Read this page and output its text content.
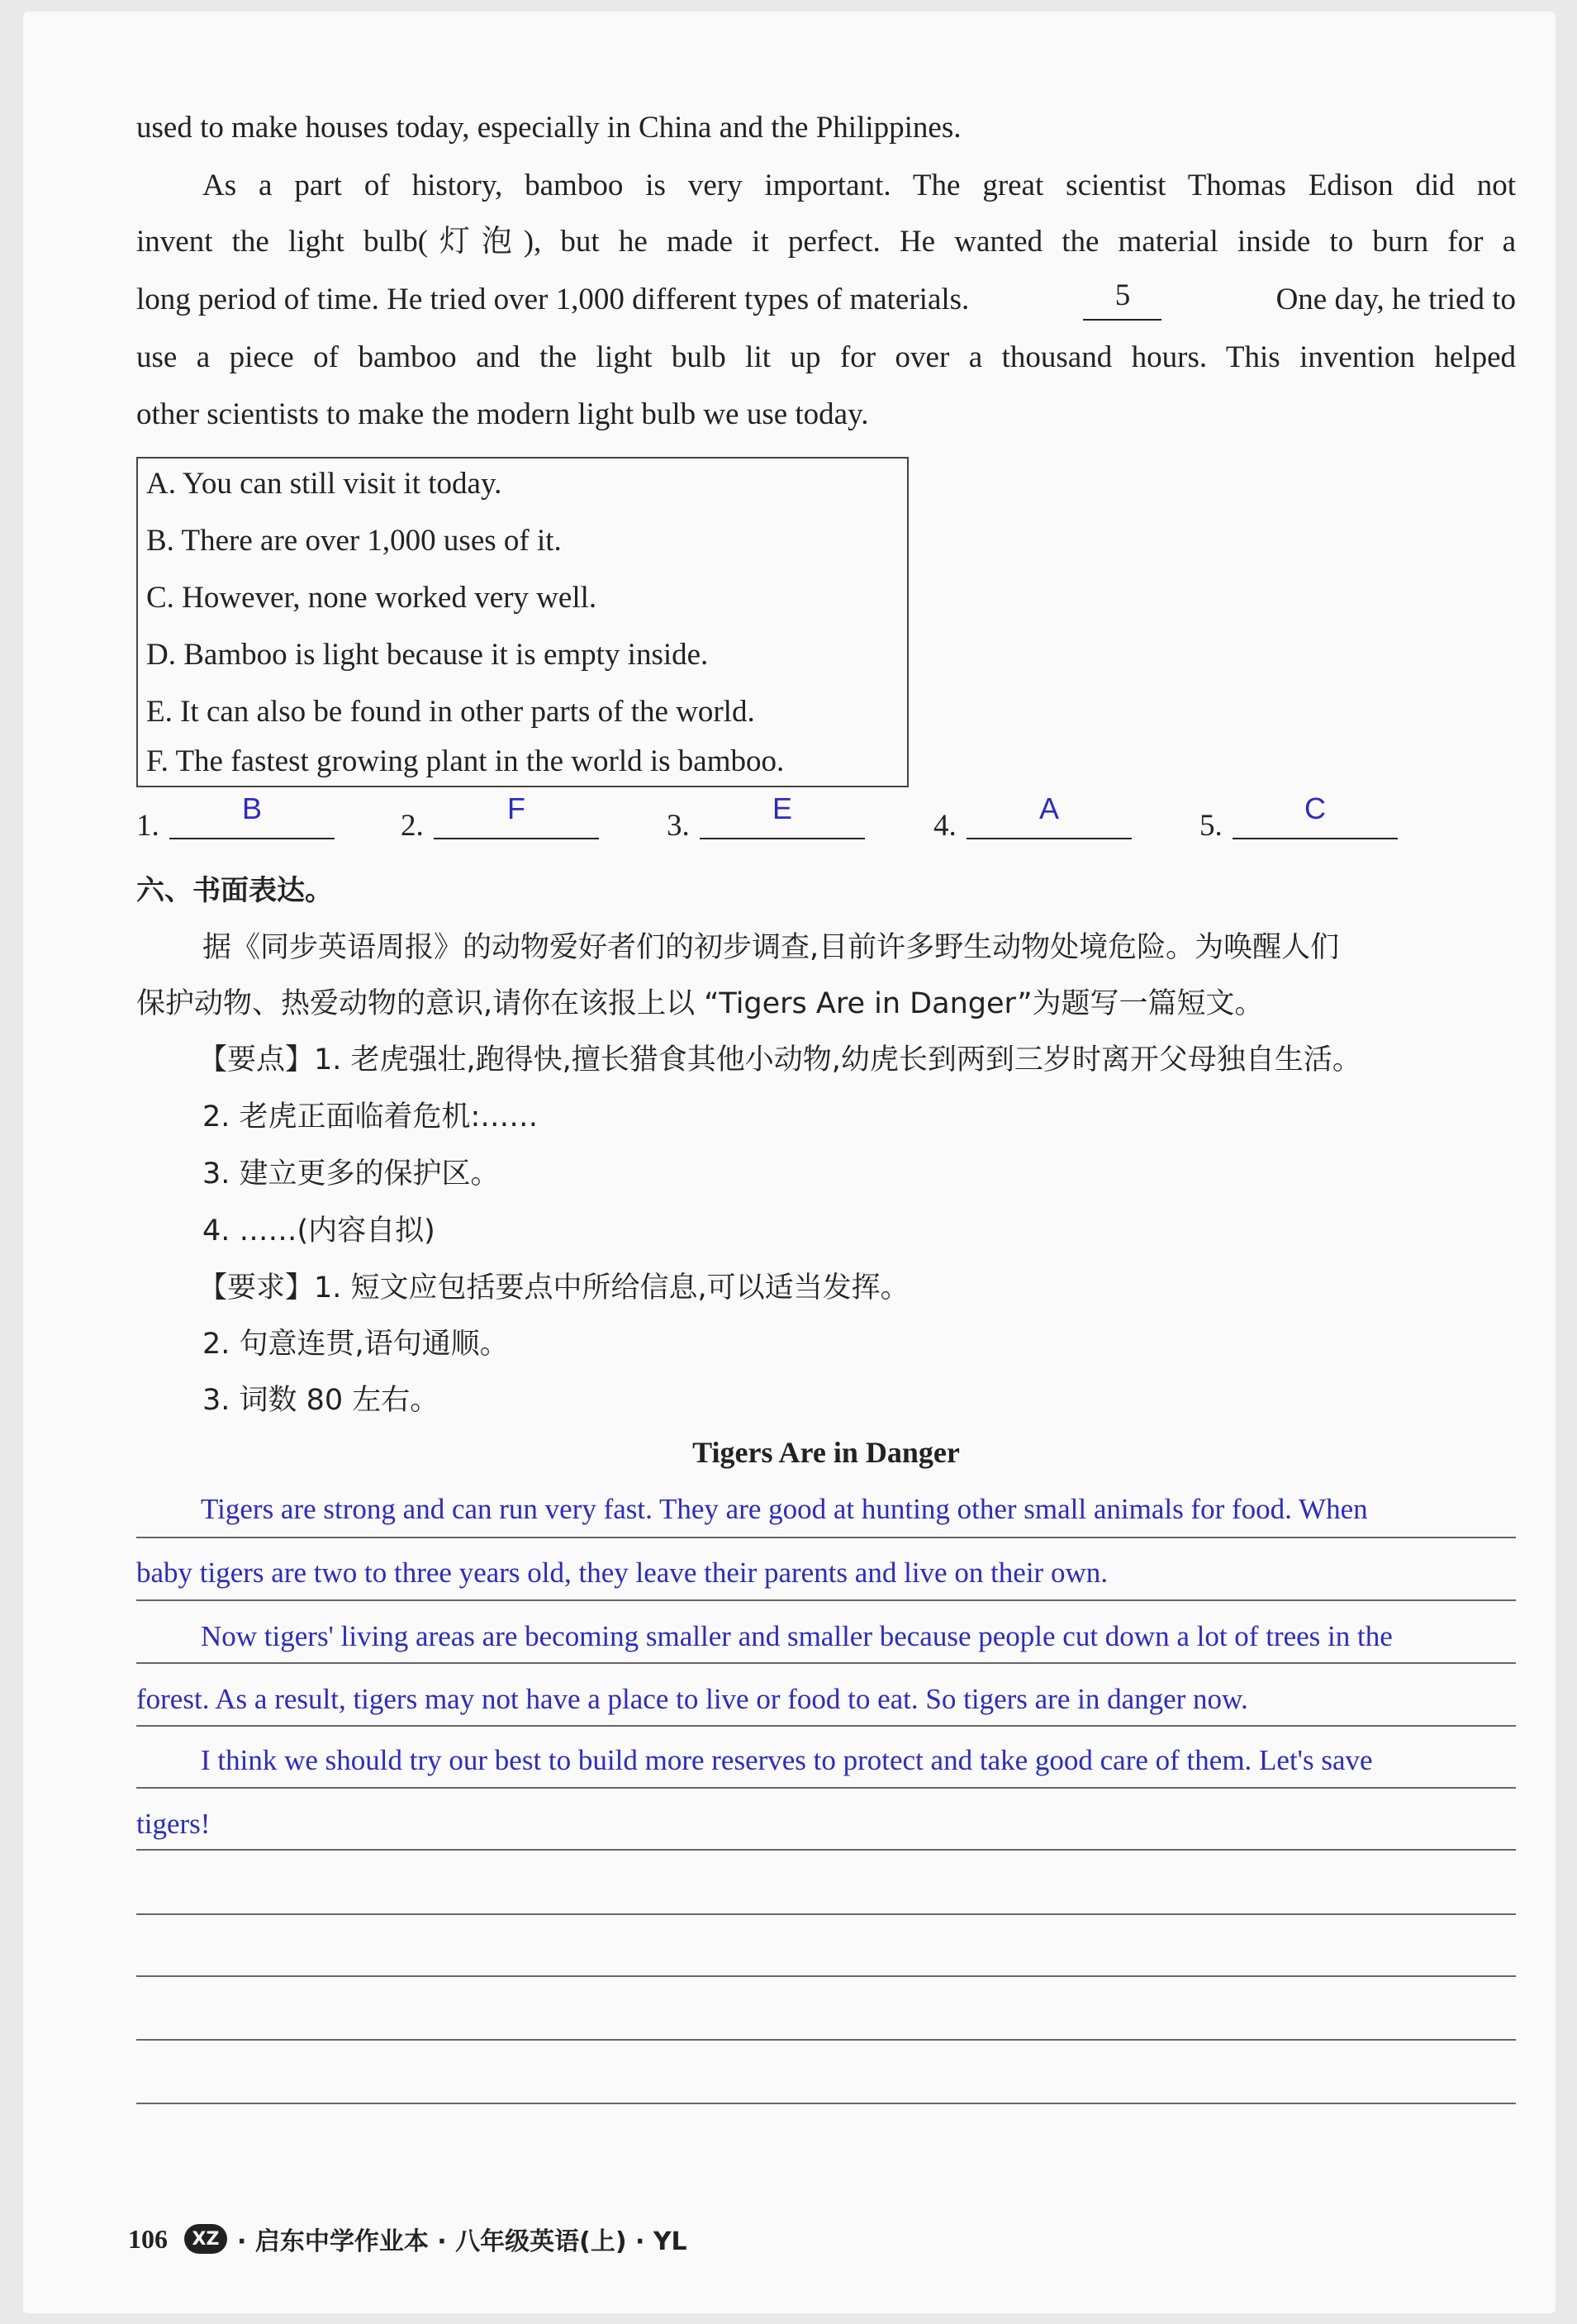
used to make houses today, especially in China and the Philippines.
As a part of history, bamboo is very important. The great scientist Thomas Edison did not
invent the light bulb(灯泡), but he made it perfect. He wanted the material inside to burn for a
long period of time. He tried over 1,000 different types of materials.	5	One day, he tried to
use a piece of bamboo and the light bulb lit up for over a thousand hours. This invention helped
other scientists to make the modern light bulb we use today.
A. You can still visit it today.
B. There are over 1,000 uses of it.
C. However, none worked very well.
D. Bamboo is light because it is empty inside.
E. It can also be found in other parts of the world.
F. The fastest growing plant in the world is bamboo.
1.
B
2.
F
3.
E
4.
A
5.
C
六、书面表达。
据《同步英语周报》的动物爱好者们的初步调查,目前许多野生动物处境危险。为唤醒人们
保护动物、热爱动物的意识,请你在该报上以 “Tigers Are in Danger”为题写一篇短文。
【要点】1. 老虎强壮,跑得快,擅长猎食其他小动物,幼虎长到两到三岁时离开父母独自生活。
2. 老虎正面临着危机:……
3. 建立更多的保护区。
4. ……(内容自拟)
【要求】1. 短文应包括要点中所给信息,可以适当发挥。
2. 句意连贯,语句通顺。
3. 词数 80 左右。
Tigers Are in Danger
Tigers are strong and can run very fast. They are good at hunting other small animals for food. When
baby tigers are two to three years old, they leave their parents and live on their own.
Now tigers' living areas are becoming smaller and smaller because people cut down a lot of trees in the
forest. As a result, tigers may not have a place to live or food to eat. So tigers are in danger now.
I think we should try our best to build more reserves to protect and take good care of them. Let's save
tigers!
106	XZ · 启东中学作业本 · 八年级英语(上) · YL
